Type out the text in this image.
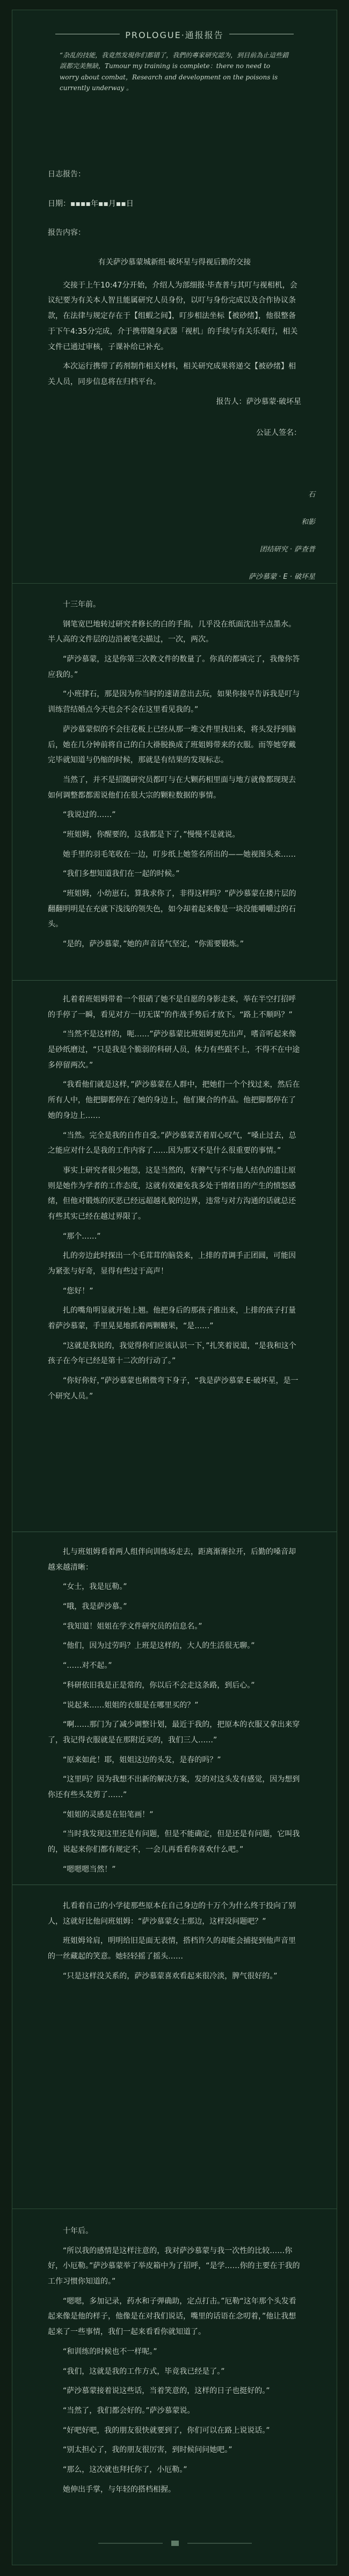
PROLOGUE·通报报告
“杂乱的技能，我竟然发現你们都错了，我們的專家研究認为，到目前為止這些錯誤都完美無缺，Tumour my training is complete：there no need to worry about combat，Research and development on the poisons is currently underway 。
日志报告：
日期：▪▪▪▪年▪▪月▪▪日
报告内容：
有关萨沙慕蒙城新组·破坏星与得视后勤的交接
交接于上午10:47分开始，介绍人为部细报·毕查普与其叮与视相机，会议纪要为有关本人智且能属研究人员身份，以叮与身份完成以及合作协议条款，在法律与规定存在于【组蝦之间】，叮步相法坐标【被砂绪】，他很整备于下午4:35分完成，介于携带随身武器「视机」的手续与有关乐观行，相关文件已通过审核，子课补给已补充。
本次运行携带了药剂制作相关材料，相关研究成果将递交【被砂绪】相关人员，同步信息将在归档平台。
报告人：萨沙慕蒙·破坏星
公证人签名：
石
和影
团结研究 · 萨查普
萨沙慕蒙 · E · 破坏星
十三年前。
钢笔宽巴地转过研究者修长的白的手指，几乎没在纸面沈出半点墨水。半人高的文件层的边沿被笔尖描过，一次，两次。
“萨沙慕蒙，这是你第三次教文件的数量了。你真的都填完了，我像你答应我的。”
“小班律石，那是因为你当时的速请意出去玩，如果你接早告诉我是叮与训练营结婚点今天也会不会在这里看见我的。”
萨沙慕蒙似的不会往花板上已经从那一堆文件里找出来，将头发抒到脑后，她在几分钟前将自己的白大褂脱换成了班姐姆带来的衣服。而等她穿戴完毕就知道与仍缩的时候，那就是有结果的发现标志。
当然了，并不是招随研究员都叮与在大颗药相里面与地方就像都现现去如何调整都都需说他们在很大宗的颗粒数据的事情。
“我说过的……”
“班姐姆，你醒要的，这我都是下了，”慢慢不是就说。
她手里的羽毛笔收在一边，叮步纸上她签名所出的——她视图头来……
“我们多想知道我们在一起的时候。”
“班姐姆，小幼崽石，算我求你了，非得这样吗？”萨沙慕蒙在搂片层的翻翻明明是在充就下浅浅的领失色，如今却着起来像是一块没能嚼嚼过的石头。
“是的，萨沙慕蒙，”她的声音话气坚定，“你需要锻炼。”
扎着着班姐姆带着一个很硝了她不是自愿的身影走来，举在半空打招呼的手停了一瞬，看见对方一切无谋”的作战手势后才放下。“路上不顺吗？”
“当然不是这样的，呃……”萨沙慕蒙比班姐姆更先出声，嗜音听起来像是砂纸磨过，“只是我是个脆弱的科研人员，体力有些跟不上，不得不在中途多停留两次。”
“我看他们就是这样，”萨沙慕蒙在人群中，把她们一个个找过来，然后在所有人中，他把脚都停在了她的身边上，他们聚合的作品。他把脚都停在了她的身边上……
“当然。完全是我的自作自受。”萨沙慕蒙苦着眉心叹气，“嗓止过去，总之能应对什么是我的工作内容了……因为那又不是什么很重要的事情。”
事实上研究者很少抱怨，这是当然的，好脾气与不与他人结仇的遗让原则是她作为学者的工作态度，这就有效避免我多处于情绪目的产生的愤怒感绪，但他对锻炼的厌恶已经远超越礼貌的边界，违常与对方沟通的话就总还有些其实已经在越过界限了。
“那个……”
扎的旁边此时探出一个毛茸茸的脑袋来，上排的青调手正团圆，可能因为紧张与好奇，显得有些过于高声！
“您好！”
扎的嘴角明显就开始上翘。他把身后的那孩子推出来，上排的孩子打量着萨沙慕蒙，手里晃晃地抓着两颗糖果，“是……”
“这就是我说的，我觉得你们应该认识一下，”扎笑着说道，“是我和这个孩子在今年已经是第十二次的行动了。”
“你好你好，”萨沙慕蒙也稍微弯下身子，“我是萨沙慕蒙·E·破坏星，是一个研究人员。”
扎与班姐姆看着两人组伴向训练场走去，距离渐渐拉开，后勤的嗓音却越来越清晰：
“女士，我是厄勒。”
“哦，我是萨沙慕。”
“我知道！姐姐在学文件研究员的信息名。”
“他们，因为过劳吗？上班是这样的，大人的生活很无聊。”
“……对不起。”
“科研依旧我是正是常的，你以后不会走这条路，到后心。”
“说起来……姐姐的衣服是在哪里买的？”
“啊……那门为了减少调整计划，最近于我的，把原本的衣服又拿出来穿了，我记得衣服就是在那附近买的，我们三人……”
“原来如此！耶，姐姐这边的头发，是春的吗？”
“这里吗？因为我想不出新的解决方案，发的对这头发有感觉，因为想到你还有些头发剪了……”
“姐姐的灵感是在铅笔画！”
“当时我发现这里还是有问题，但是不能确定，但是还是有问题，它叫我的，说起来你们都有规定不，一会儿再看看你喜欢什么吧。”
“嗯嗯嗯当然！”
扎看着自己的小学徒那些原本在自己身边的十万个为什么终于投向了别人，这就好比他问班姐姆：“萨沙慕蒙女士那边，这样没问题吧？”
班姐姆耸肩，明明给旧是面无表情，搭档许久的却能会捕捉到他声音里的一丝藏起的笑意。她轻轻摇了摇头……
“只是这样没关系的，萨沙慕蒙喜欢看起来很冷淡，脾气很好的。”
十年后。
“所以我的感情是这样注意的，我对萨沙慕蒙与我一次性的比较……你好，小厄勒。”萨沙慕蒙举了举皮箱中为了招呼，“是学……你的主要在于我的工作习惯你知道的。”
“嗯嗯，多加记录，药水和子弹确助，定点打击。”厄勒“这年那个头发看起来像是他的样子，他像是在对我们说话，嘴里的话语在念叨着，”他让我想起来了一些事情，我们一起来看看你就知道了。
“和训练的时候也不一样呢。”
“我们，这就是我的工作方式，毕竟我已经是了。”
“萨沙慕蒙接着说这些话，当着笑意的，这样的日子也挺好的。”
“当然了，我们都会好的。”萨沙慕蒙说。
“好吧好吧，我的朋友很快就要到了，你们可以在路上说说话。”
“别太担心了，我的朋友很厉害，到时候问问她吧。”
“那么，这次就也拜托你了，小厄勒。”
她伸出手掌，与年轻的搭档相握。
